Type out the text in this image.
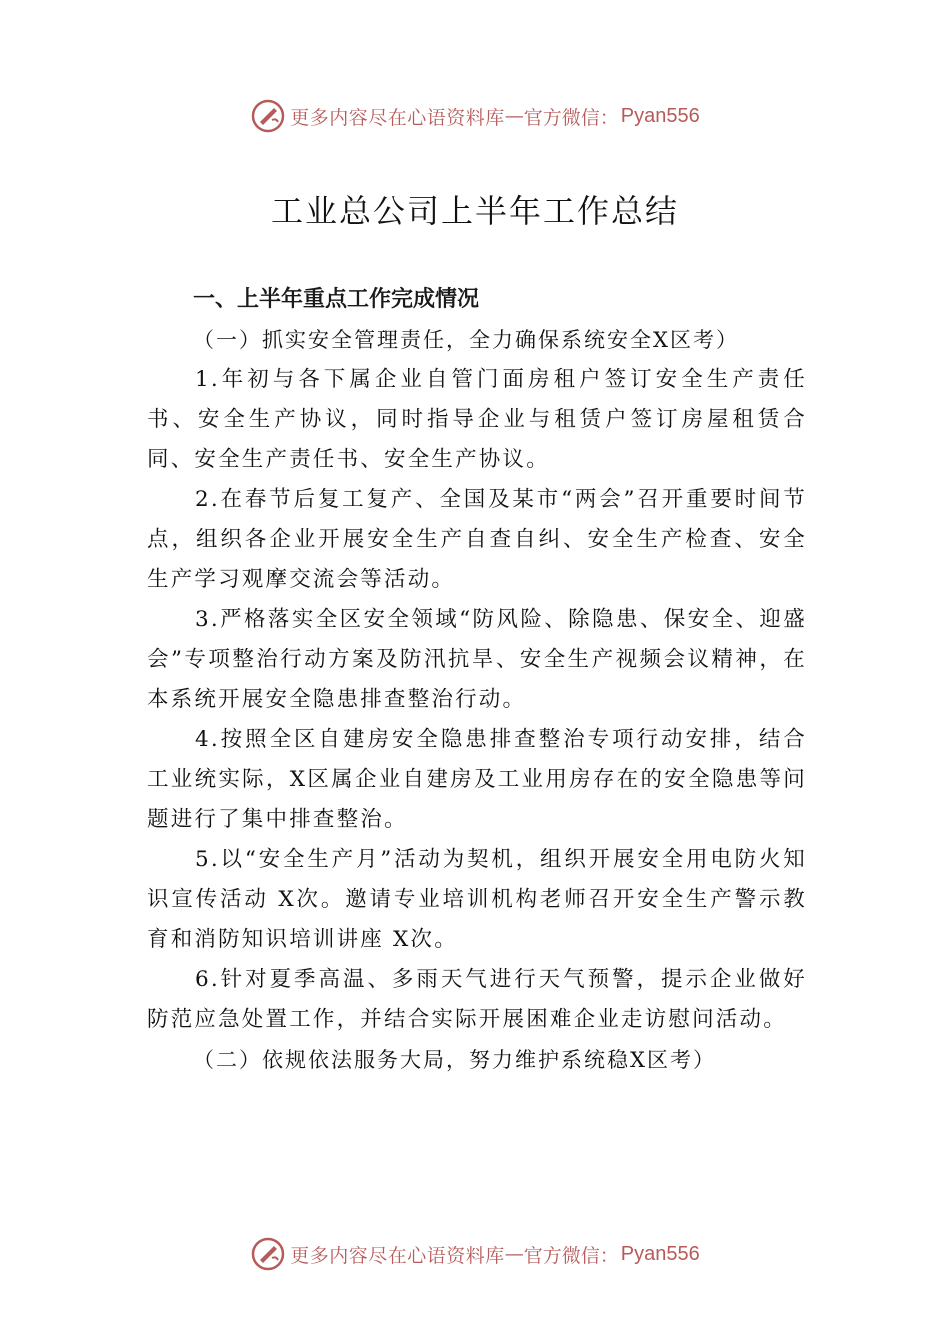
更多内容尽在心语资料库 — 官方微信： Pyan556
工业总公司上半年工作总结

一、上半年重点工作完成情况

（一）抓实安全管理责任，全力确保系统安全X区考）

1.年初与各下属企业自管门面房租户签订安全生产责任书、安全生产协议，同时指导企业与租赁户签订房屋租赁合同、安全生产责任书、安全生产协议。

2.在春节后复工复产、全国及某市“两会”召开重要时间节点，组织各企业开展安全生产自查自纠、安全生产检查、安全生产学习观摩交流会等活动。

3.严格落实全区安全领域“防风险、除隐患、保安全、迎盛会”专项整治行动方案及防汛抗旱、安全生产视频会议精神，在本系统开展安全隐患排查整治行动。

4.按照全区自建房安全隐患排查整治专项行动安排，结合工业统实际，X区属企业自建房及工业用房存在的安全隐患等问题进行了集中排查整治。

5.以“安全生产月”活动为契机，组织开展安全用电防火知识宣传活动 X次。邀请专业培训机构老师召开安全生产警示教育和消防知识培训讲座 X次。

6.针对夏季高温、多雨天气进行天气预警，提示企业做好防范应急处置工作，并结合实际开展困难企业走访慰问活动。

（二）依规依法服务大局，努力维护系统稳X区考）

更多内容尽在心语资料库 — 官方微信： Pyan556
